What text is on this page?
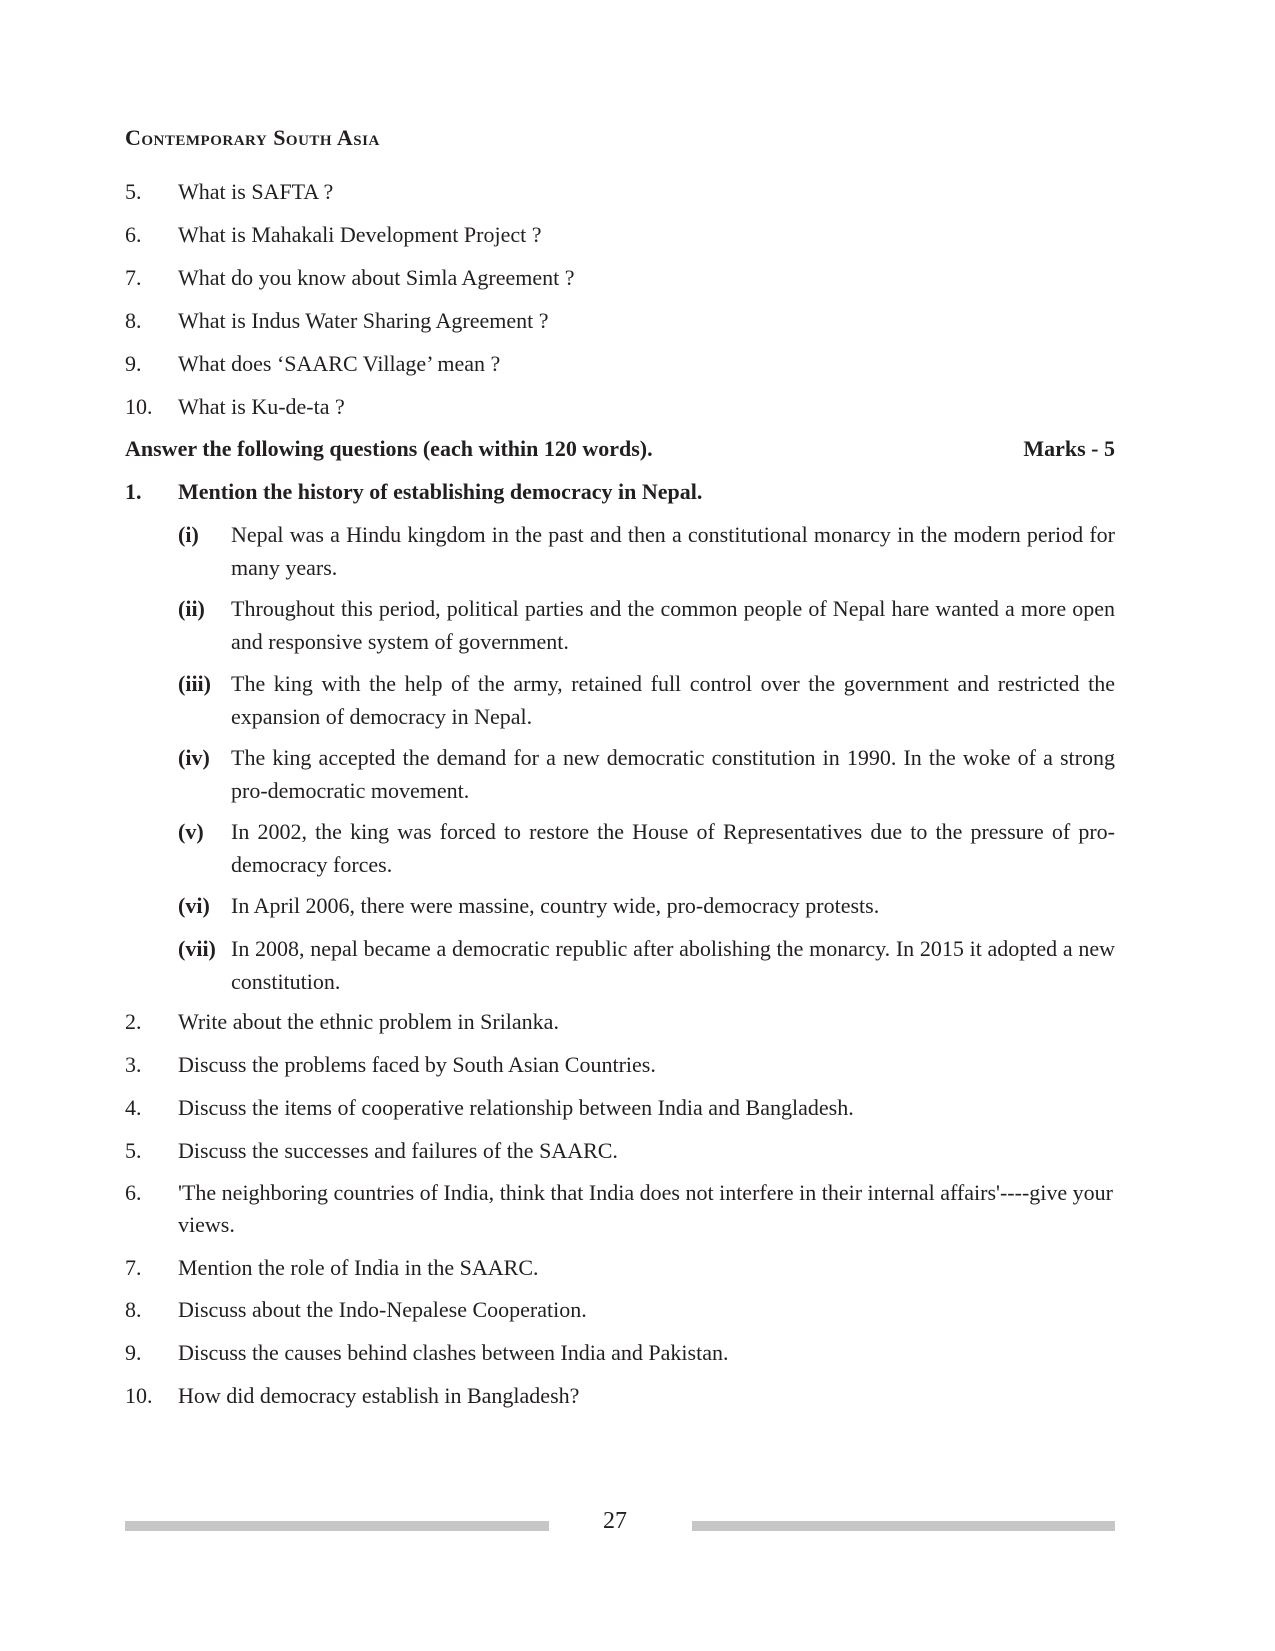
Contemporary South Asia
5.	What is SAFTA ?
6.	What is Mahakali Development Project ?
7.	What do you know about Simla Agreement ?
8.	What is Indus Water Sharing Agreement ?
9.	What does ‘SAARC Village’ mean ?
10.	What is Ku-de-ta ?
Answer the following questions (each within 120 words).	Marks - 5
1.	Mention the history of establishing democracy in Nepal.
(i) Nepal was a Hindu kingdom in the past and then a constitutional monarcy in the modern period for many years.
(ii) Throughout this period, political parties and the common people of Nepal hare wanted a more open and responsive system of government.
(iii) The king with the help of the army, retained full control over the government and restricted the expansion of democracy in Nepal.
(iv) The king accepted the demand for a new democratic constitution in 1990. In the woke of a strong pro-democratic movement.
(v) In 2002, the king was forced to restore the House of Representatives due to the pressure of pro-democracy forces.
(vi) In April 2006, there were massine, country wide, pro-democracy protests.
(vii) In 2008, nepal became a democratic republic after abolishing the monarcy. In 2015 it adopted a new constitution.
2.	Write about the ethnic problem in Srilanka.
3.	Discuss the problems faced by South Asian Countries.
4.	Discuss the items of cooperative relationship between India and Bangladesh.
5.	Discuss the successes and failures of the SAARC.
6.	'The neighboring countries of India, think that India does not interfere in their internal affairs'----give your views.
7.	Mention the role of India in the SAARC.
8.	Discuss about the Indo-Nepalese Cooperation.
9.	Discuss the causes behind clashes between India and Pakistan.
10.	How did democracy establish in Bangladesh?
27
